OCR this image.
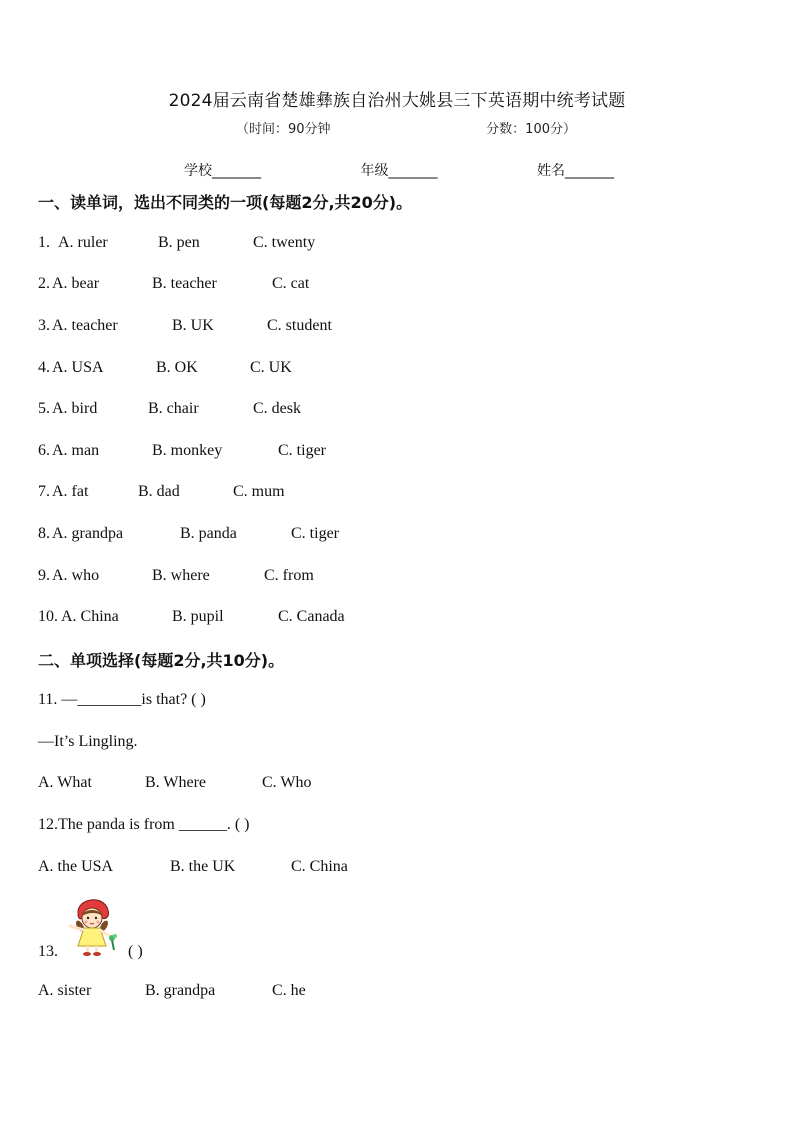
2024届云南省楚雄彝族自治州大姚县三下英语期中统考试题
（时间：90分钟	分数：100分）
学校_______	年级_______	姓名_______
一、读单词，选出不同类的一项(每题2分,共20分)。
1. A. ruler	B. pen	C. twenty
2. A. bear	B. teacher	C. cat
3. A. teacher	B. UK	C. student
4. A. USA	B. OK	C. UK
5. A. bird	B. chair	C. desk
6. A. man	B. monkey	C. tiger
7. A. fat	B. dad	C. mum
8. A. grandpa	B. panda	C. tiger
9. A. who	B. where	C. from
10. A. China	B. pupil	C. Canada
二、单项选择(每题2分,共10分)。
11. —________is that? ( )
—It’s Lingling.
A. What	B. Where	C. Who
12.The panda is from ______. ( )
A. the USA	B. the UK	C. China
13.	( )
A. sister	B. grandpa	C. he
